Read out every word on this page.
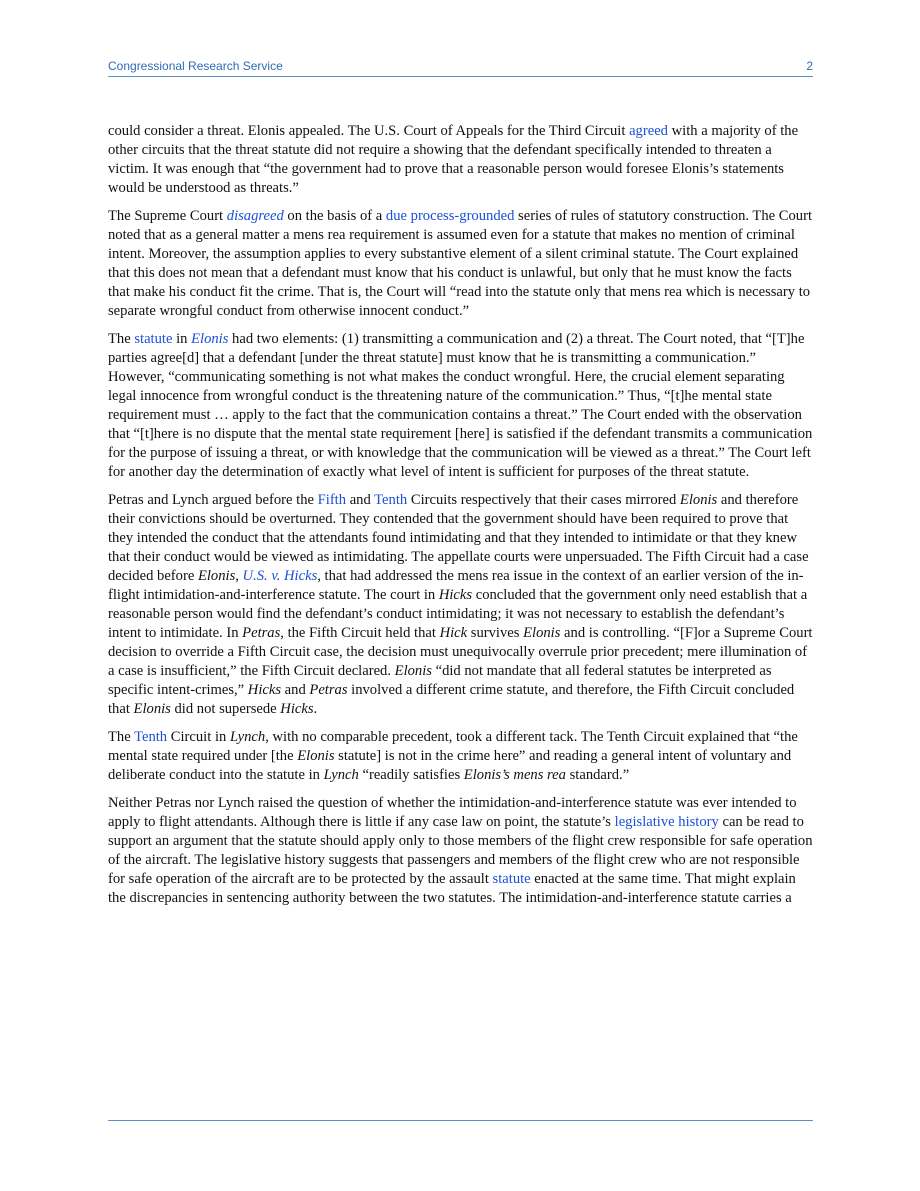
Congressional Research Service	2

could consider a threat. Elonis appealed. The U.S. Court of Appeals for the Third Circuit agreed with a majority of the other circuits that the threat statute did not require a showing that the defendant specifically intended to threaten a victim. It was enough that “the government had to prove that a reasonable person would foresee Elonis’s statements would be understood as threats.”

The Supreme Court disagreed on the basis of a due process-grounded series of rules of statutory construction. The Court noted that as a general matter a mens rea requirement is assumed even for a statute that makes no mention of criminal intent. Moreover, the assumption applies to every substantive element of a silent criminal statute. The Court explained that this does not mean that a defendant must know that his conduct is unlawful, but only that he must know the facts that make his conduct fit the crime. That is, the Court will “read into the statute only that mens rea which is necessary to separate wrongful conduct from otherwise innocent conduct.”

The statute in Elonis had two elements: (1) transmitting a communication and (2) a threat. The Court noted, that “[T]he parties agree[d] that a defendant [under the threat statute] must know that he is transmitting a communication.” However, “communicating something is not what makes the conduct wrongful. Here, the crucial element separating legal innocence from wrongful conduct is the threatening nature of the communication.” Thus, “[t]he mental state requirement must … apply to the fact that the communication contains a threat.” The Court ended with the observation that “[t]here is no dispute that the mental state requirement [here] is satisfied if the defendant transmits a communication for the purpose of issuing a threat, or with knowledge that the communication will be viewed as a threat.” The Court left for another day the determination of exactly what level of intent is sufficient for purposes of the threat statute.

Petras and Lynch argued before the Fifth and Tenth Circuits respectively that their cases mirrored Elonis and therefore their convictions should be overturned. They contended that the government should have been required to prove that they intended the conduct that the attendants found intimidating and that they intended to intimidate or that they knew that their conduct would be viewed as intimidating. The appellate courts were unpersuaded. The Fifth Circuit had a case decided before Elonis, U.S. v. Hicks, that had addressed the mens rea issue in the context of an earlier version of the in-flight intimidation-and-interference statute. The court in Hicks concluded that the government only need establish that a reasonable person would find the defendant’s conduct intimidating; it was not necessary to establish the defendant’s intent to intimidate. In Petras, the Fifth Circuit held that Hick survives Elonis and is controlling. “[F]or a Supreme Court decision to override a Fifth Circuit case, the decision must unequivocally overrule prior precedent; mere illumination of a case is insufficient,” the Fifth Circuit declared. Elonis “did not mandate that all federal statutes be interpreted as specific intent-crimes,” Hicks and Petras involved a different crime statute, and therefore, the Fifth Circuit concluded that Elonis did not supersede Hicks.

The Tenth Circuit in Lynch, with no comparable precedent, took a different tack. The Tenth Circuit explained that “the mental state required under [the Elonis statute] is not in the crime here” and reading a general intent of voluntary and deliberate conduct into the statute in Lynch “readily satisfies Elonis’s mens rea standard.”

Neither Petras nor Lynch raised the question of whether the intimidation-and-interference statute was ever intended to apply to flight attendants. Although there is little if any case law on point, the statute’s legislative history can be read to support an argument that the statute should apply only to those members of the flight crew responsible for safe operation of the aircraft. The legislative history suggests that passengers and members of the flight crew who are not responsible for safe operation of the aircraft are to be protected by the assault statute enacted at the same time. That might explain the discrepancies in sentencing authority between the two statutes. The intimidation-and-interference statute carries a
